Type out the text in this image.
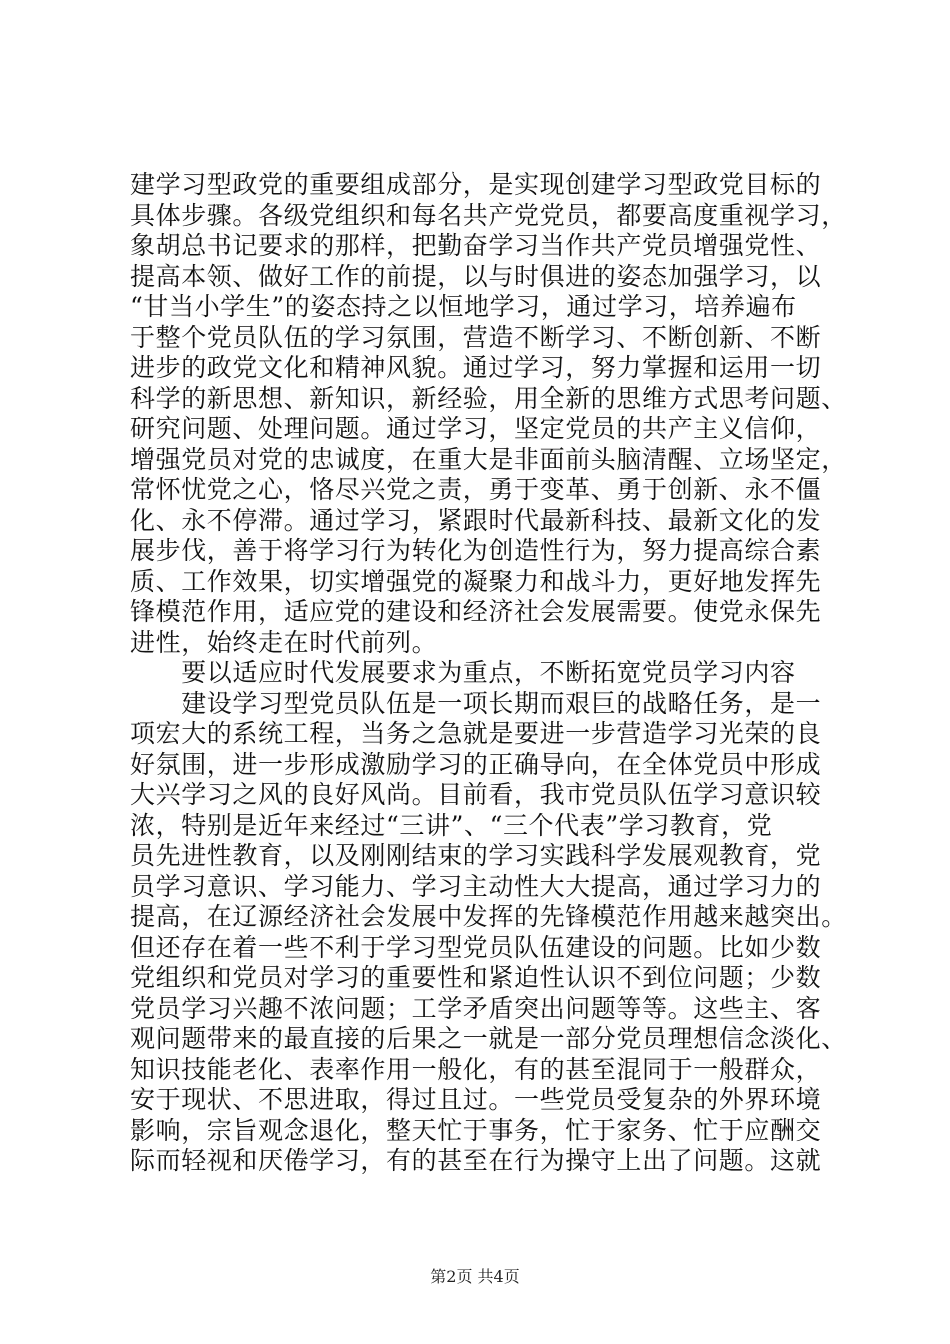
建学习型政党的重要组成部分，是实现创建学习型政党目标的
具体步骤。各级党组织和每名共产党党员，都要高度重视学习，
象胡总书记要求的那样，把勤奋学习当作共产党员增强党性、
提高本领、做好工作的前提，以与时俱进的姿态加强学习，以
“甘当小学生”的姿态持之以恒地学习，通过学习，培养遍布
于整个党员队伍的学习氛围，营造不断学习、不断创新、不断
进步的政党文化和精神风貌。通过学习，努力掌握和运用一切
科学的新思想、新知识，新经验，用全新的思维方式思考问题、
研究问题、处理问题。通过学习，坚定党员的共产主义信仰，
增强党员对党的忠诚度，在重大是非面前头脑清醒、立场坚定，
常怀忧党之心，恪尽兴党之责，勇于变革、勇于创新、永不僵
化、永不停滞。通过学习，紧跟时代最新科技、最新文化的发
展步伐，善于将学习行为转化为创造性行为，努力提高综合素
质、工作效果，切实增强党的凝聚力和战斗力，更好地发挥先
锋模范作用，适应党的建设和经济社会发展需要。使党永保先
进性，始终走在时代前列。
　　要以适应时代发展要求为重点，不断拓宽党员学习内容
　　建设学习型党员队伍是一项长期而艰巨的战略任务，是一
项宏大的系统工程，当务之急就是要进一步营造学习光荣的良
好氛围，进一步形成激励学习的正确导向，在全体党员中形成
大兴学习之风的良好风尚。目前看，我市党员队伍学习意识较
浓，特别是近年来经过“三讲”、“三个代表”学习教育，党
员先进性教育，以及刚刚结束的学习实践科学发展观教育，党
员学习意识、学习能力、学习主动性大大提高，通过学习力的
提高，在辽源经济社会发展中发挥的先锋模范作用越来越突出。
但还存在着一些不利于学习型党员队伍建设的问题。比如少数
党组织和党员对学习的重要性和紧迫性认识不到位问题；少数
党员学习兴趣不浓问题；工学矛盾突出问题等等。这些主、客
观问题带来的最直接的后果之一就是一部分党员理想信念淡化、
知识技能老化、表率作用一般化，有的甚至混同于一般群众，
安于现状、不思进取，得过且过。一些党员受复杂的外界环境
影响，宗旨观念退化，整天忙于事务，忙于家务、忙于应酬交
际而轻视和厌倦学习，有的甚至在行为操守上出了问题。这就
第2页 共4页
